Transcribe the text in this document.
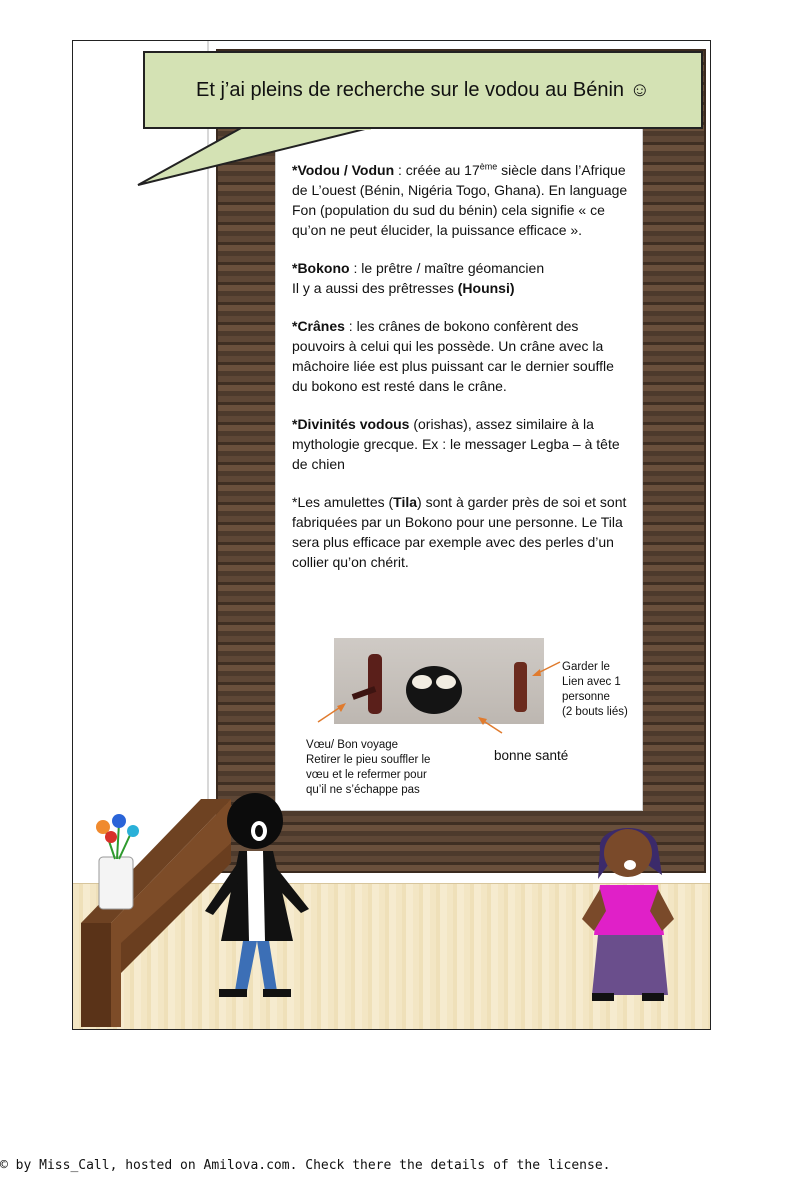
*Vodou / Vodun : créée au 17ème siècle dans l’Afrique de L’ouest (Bénin, Nigéria Togo, Ghana). En language Fon (population du sud du bénin) cela signifie « ce qu’on ne peut élucider, la puissance efficace ».

*Bokono : le prêtre / maître géomancien
Il y a aussi des prêtresses (Hounsi)

*Crânes : les crânes de bokono confèrent des pouvoirs à celui qui les possède. Un crâne avec la mâchoire liée est plus puissant car le dernier souffle du bokono est resté dans le crâne.

*Divinités vodous (orishas), assez similaire à la mythologie grecque. Ex : le messager Legba – à tête de chien

*Les amulettes (Tila) sont à garder près de soi et sont fabriquées par un Bokono pour une personne. Le Tila sera plus efficace par exemple avec des perles d’un collier qu’on chérit.

Garder le
Lien avec 1
personne
(2 bouts liés)
Vœu/ Bon voyage
Retirer le pieu souffler le
vœu et le refermer pour
qu’il ne s’échappe pas
bonne santé
Et j’ai pleins de recherche sur le vodou au Bénin ☺
© by Miss_Call, hosted on Amilova.com. Check there the details of the license.
